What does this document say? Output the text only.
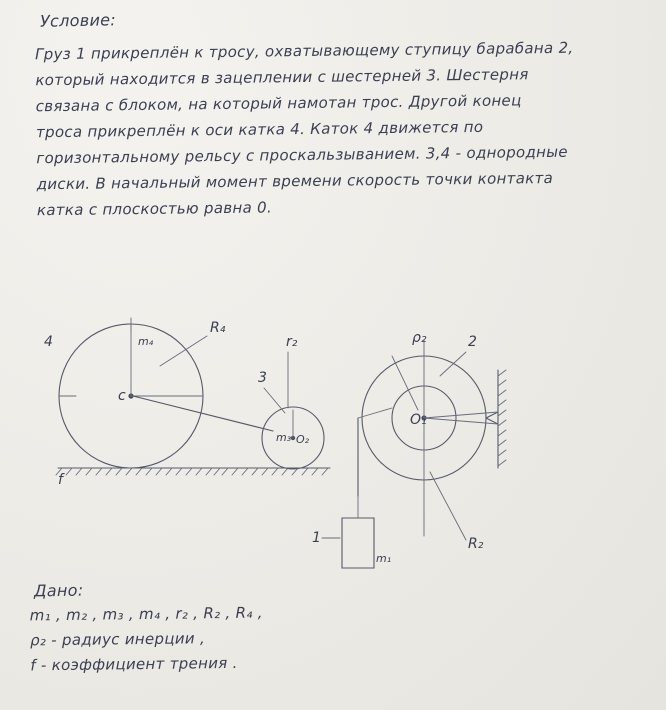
Условие:
Груз 1 прикреплён к тросу, охватывающему ступицу барабана 2,
который находится в зацеплении с шестерней 3. Шестерня
связана с блоком, на который намотан трос. Другой конец
троса прикреплён к оси катка 4. Каток 4 движется по
горизонтальному рельсу с проскальзыванием. 3,4 - однородные
диски. В начальный момент времени скорость точки контакта
катка с плоскостью равна 0.
4
R₄
m₄
c
f
3
m₃ O₂
O₁
2
ρ₂
r₂
R₂
1
m₁
Дано:
m₁ , m₂ , m₃ , m₄ , r₂ , R₂ , R₄ ,
ρ₂ - радиус инерции ,
f - коэффициент трения .
